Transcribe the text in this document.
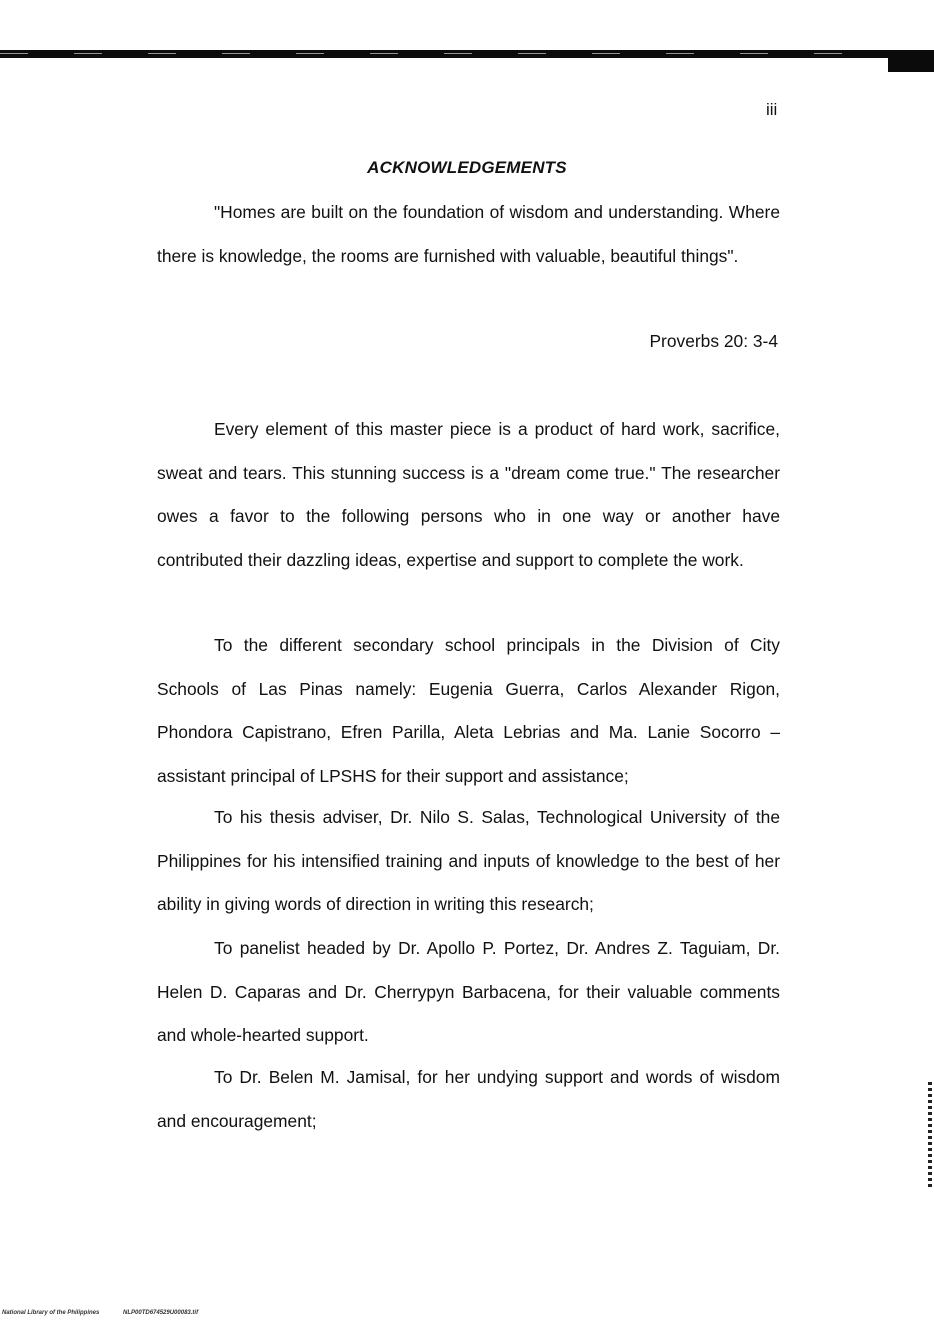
iii
ACKNOWLEDGEMENTS

"Homes are built on the foundation of wisdom and understanding. Where there is knowledge, the rooms are furnished with valuable, beautiful things".

Proverbs 20: 3-4

Every element of this master piece is a product of hard work, sacrifice, sweat and tears. This stunning success is a "dream come true." The researcher owes a favor to the following persons who in one way or another have contributed their dazzling ideas, expertise and support to complete the work.

To the different secondary school principals in the Division of City Schools of Las Pinas namely: Eugenia Guerra, Carlos Alexander Rigon, Phondora Capistrano, Efren Parilla, Aleta Lebrias and Ma. Lanie Socorro –assistant principal of LPSHS for their support and assistance;

To his thesis adviser, Dr. Nilo S. Salas, Technological University of the Philippines for his intensified training and inputs of knowledge to the best of her ability in giving words of direction in writing this research;

To panelist headed by Dr. Apollo P. Portez, Dr. Andres Z. Taguiam, Dr. Helen D. Caparas and Dr. Cherrypyn Barbacena, for their valuable comments and whole-hearted support.

To Dr. Belen M. Jamisal, for her undying support and words of wisdom and encouragement;

National Library of the Philippines	NLP00TD674529U00083.tif
